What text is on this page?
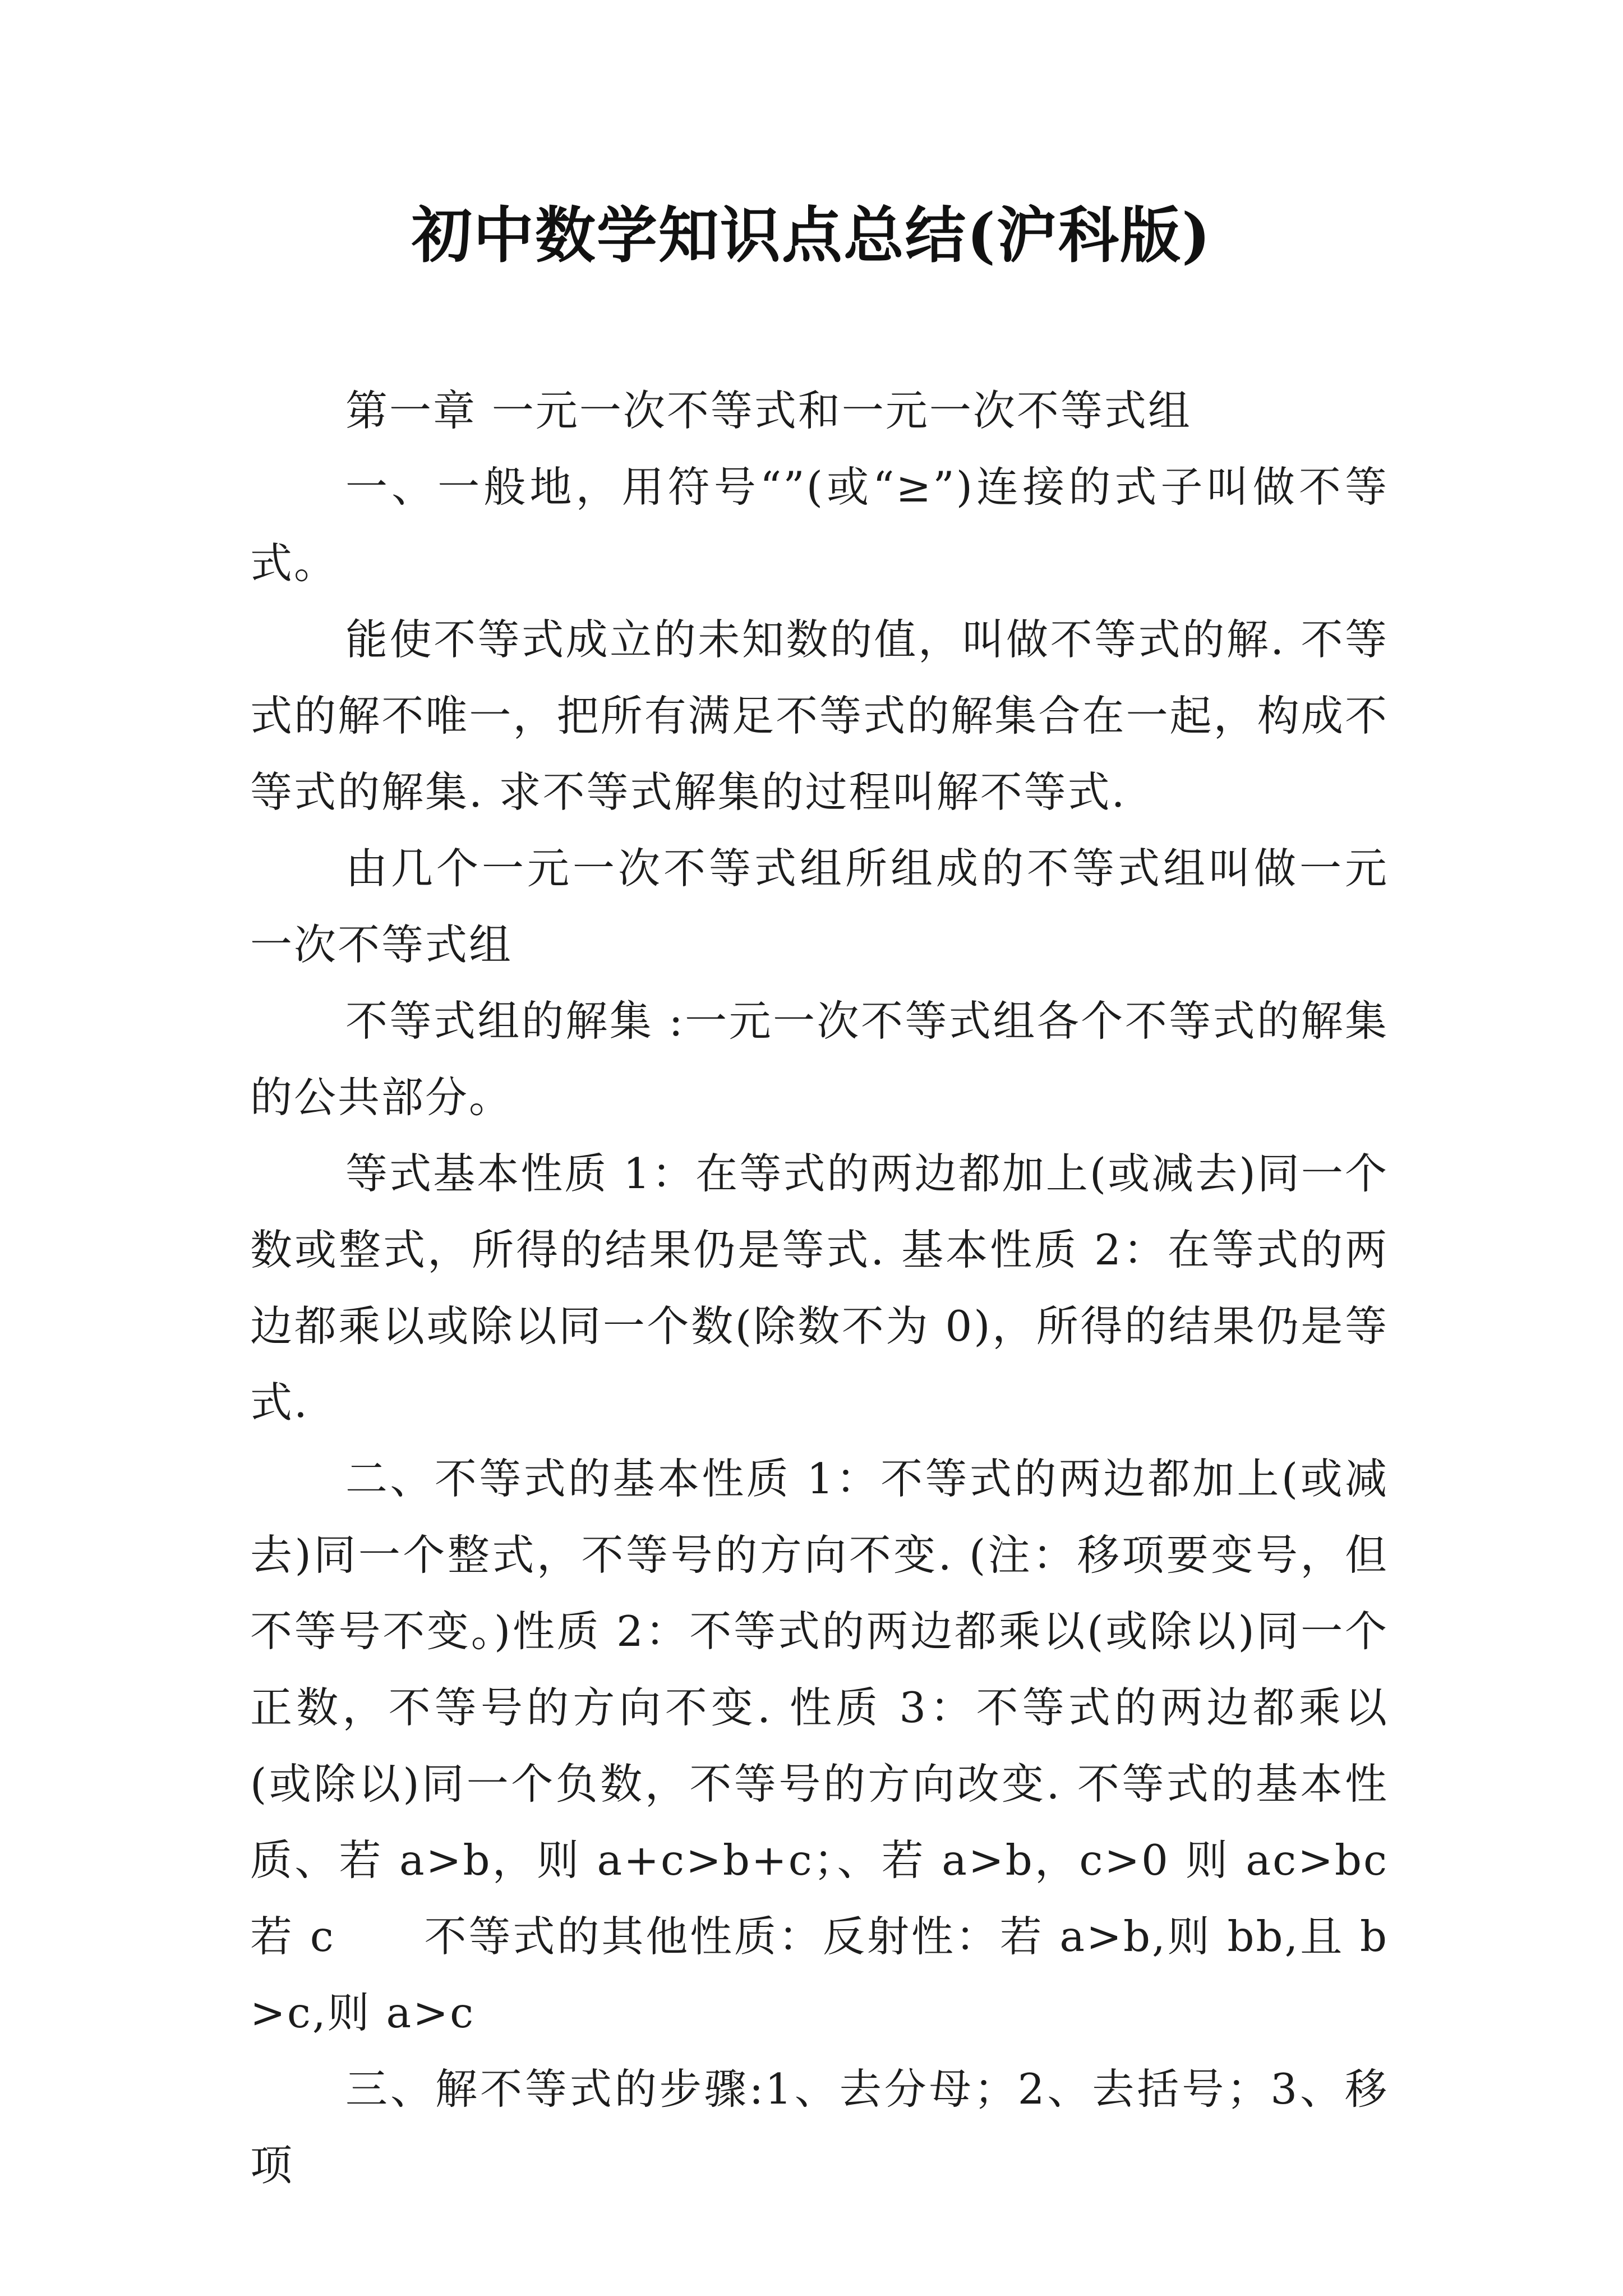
初中数学知识点总结(沪科版)

第一章 一元一次不等式和一元一次不等式组

一、一般地，用符号“”(或“≥”)连接的式子叫做不等式。

能使不等式成立的未知数的值，叫做不等式的解. 不等式的解不唯一，把所有满足不等式的解集合在一起，构成不等式的解集. 求不等式解集的过程叫解不等式.

由几个一元一次不等式组所组成的不等式组叫做一元一次不等式组

不等式组的解集 :一元一次不等式组各个不等式的解集的公共部分。

等式基本性质 1：在等式的两边都加上(或减去)同一个数或整式，所得的结果仍是等式. 基本性质 2：在等式的两边都乘以或除以同一个数(除数不为 0)，所得的结果仍是等式.

二、不等式的基本性质 1：不等式的两边都加上(或减去)同一个整式，不等号的方向不变. (注：移项要变号，但不等号不变。)性质 2：不等式的两边都乘以(或除以)同一个正数，不等号的方向不变. 性质 3：不等式的两边都乘以(或除以)同一个负数，不等号的方向改变. 不等式的基本性质、若 a>b，则 a+c>b+c；、若 a>b，c>0 则 ac>bc 若 c　　不等式的其他性质：反射性：若 a>b,则 bb,且 b>c,则 a>c

三、解不等式的步骤:1、去分母；2、去括号；3、移项
